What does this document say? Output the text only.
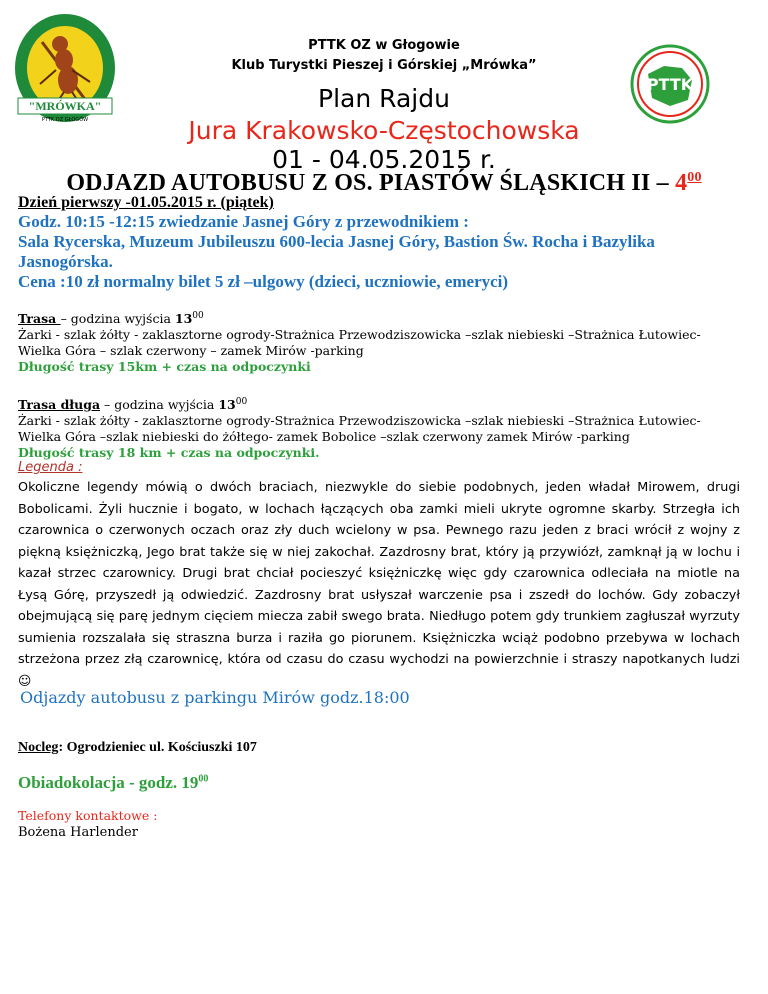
"MRÓWKA"
PTTK OZ GŁOGÓW
PTTK
PTTK OZ w Głogowie
Klub Turystki Pieszej i Górskiej „Mrówka”
Plan Rajdu
Jura Krakowsko-Częstochowska
01 - 04.05.2015 r.
ODJAZD AUTOBUSU Z OS. PIASTÓW ŚLĄSKICH II – $4^{00}$
Dzień pierwszy -01.05.2015 r. (piątek)
Godz. 10:15 -12:15 zwiedzanie Jasnej Góry z przewodnikiem :
Sala Rycerska, Muzeum Jubileuszu 600-lecia Jasnej Góry, Bastion Św. Rocha i Bazylika Jasnogórska.
Cena :10 zł normalny bilet 5 zł –ulgowy (dzieci, uczniowie, emeryci)
Trasa – godzina wyjścia $13^{00}$
Żarki - szlak żółty - zaklasztorne ogrody-Strażnica Przewodziszowicka –szlak niebieski –Strażnica Łutowiec-Wielka Góra – szlak czerwony – zamek Mirów -parking
Długość trasy 15km + czas na odpoczynki
Trasa długa – godzina wyjścia $13^{00}$
Żarki - szlak żółty - zaklasztorne ogrody-Strażnica Przewodziszowicka –szlak niebieski –Strażnica Łutowiec-Wielka Góra –szlak niebieski do żółtego- zamek Bobolice –szlak czerwony zamek Mirów -parking
Długość trasy 18 km + czas na odpoczynkі.
Legenda :
Okoliczne legendy mówią o dwóch braciach, niezwykle do siebie podobnych, jeden władał Mirowem, drugi Bobolicami. Żyli hucznie i bogato, w lochach łączących oba zamki mieli ukryte ogromne skarby. Strzegła ich czarownica o czerwonych oczach oraz zły duch wcielony w psa. Pewnego razu jeden z braci wrócił z wojny z piękną księżniczką, Jego brat także się w niej zakochał. Zazdrosny brat, który ją przywiózł, zamknął ją w lochu i kazał strzec czarownicy. Drugi brat chciał pocieszyć księżniczkę więc gdy czarownica odleciała na miotle na Łysą Górę, przyszedł ją odwiedzić. Zazdrosny brat usłyszał warczenie psa i zszedł do lochów. Gdy zobaczył obejmującą się parę jednym cięciem miecza zabił swego brata. Niedługo potem gdy trunkiem zagłuszał wyrzuty sumienia rozszalała się straszna burza i raziła go piorunem. Księżniczka wciąż podobno przebywa w lochach strzeżona przez złą czarownicę, która od czasu do czasu wychodzi na powierzchnie i straszy napotkanych ludzi ☺
Odjazdy autobusu z parkingu Mirów godz.18:00
Nocleg: Ogrodzieniec ul. Kościuszki 107
Obiadokolacja - godz. $19^{00}$
Telefony kontaktowe :
Bożena Harlender
